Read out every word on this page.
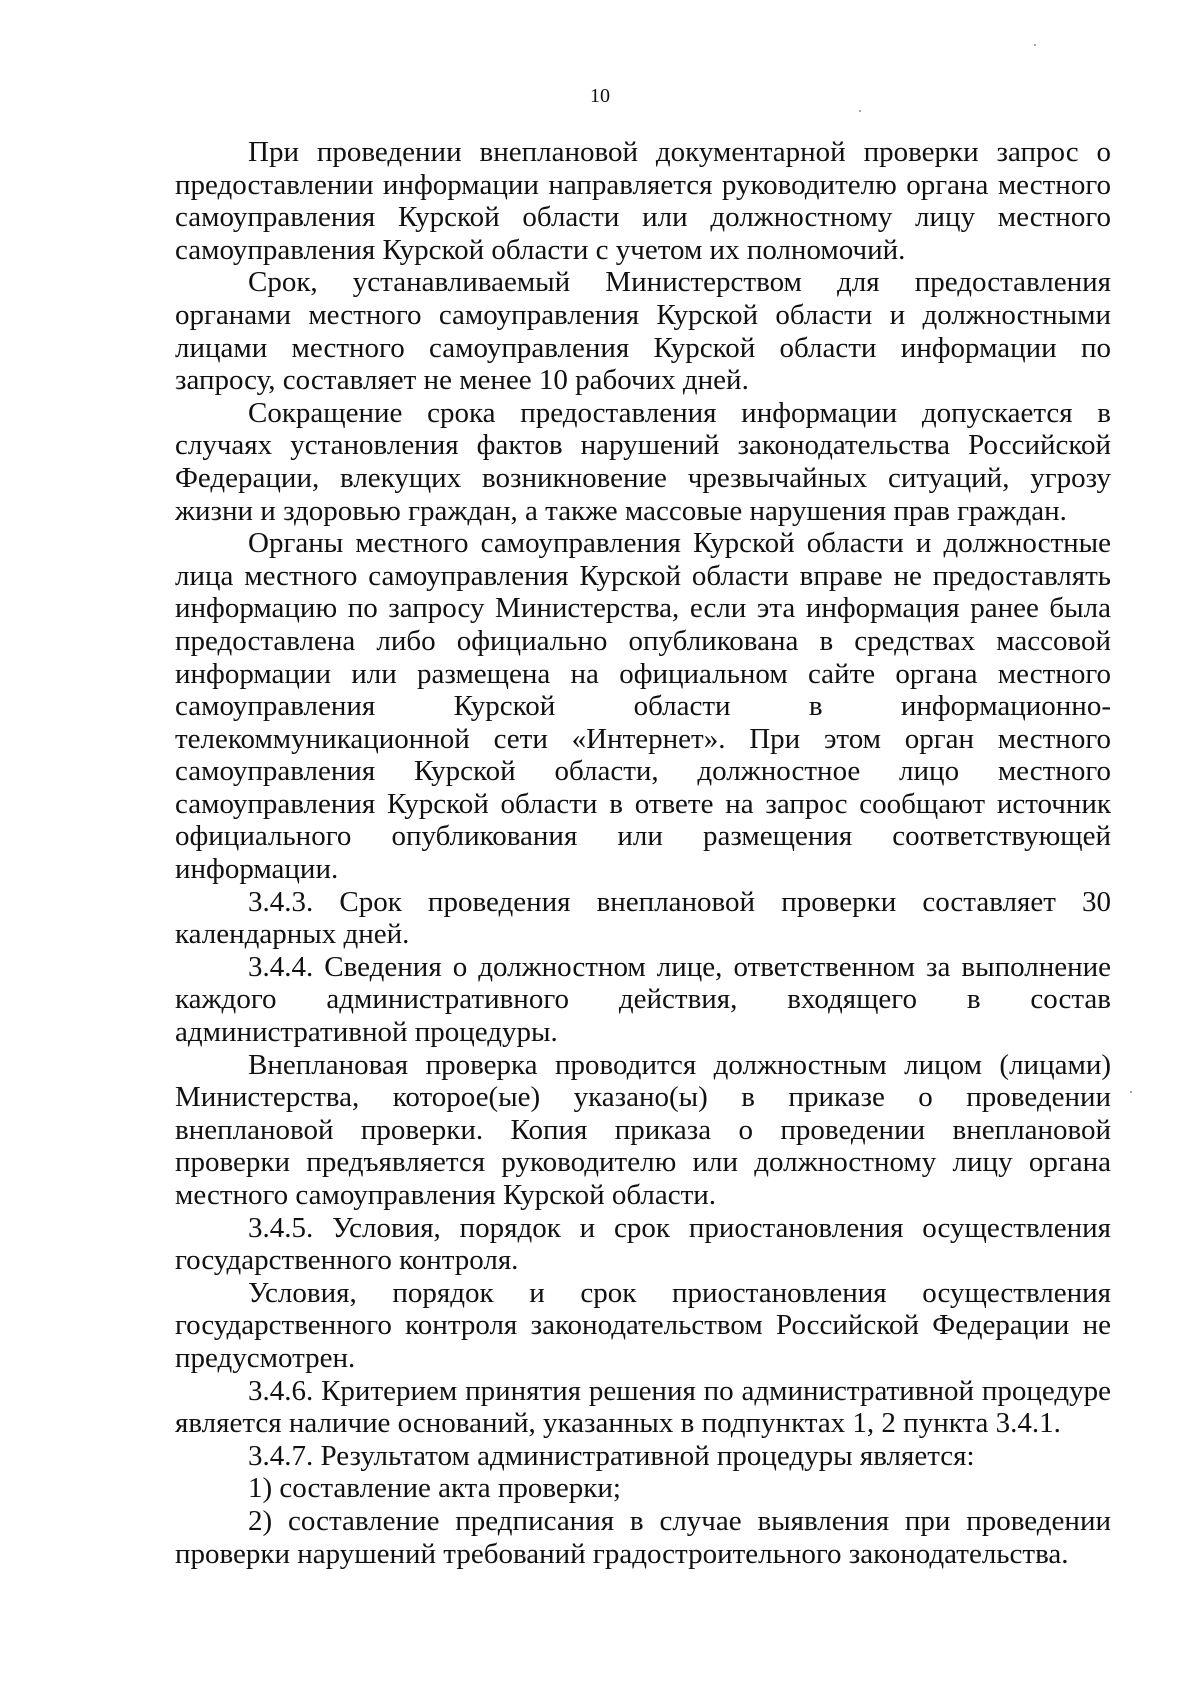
10

При проведении внеплановой документарной проверки запрос о предоставлении информации направляется руководителю органа местного самоуправления Курской области или должностному лицу местного самоуправления Курской области с учетом их полномочий.

Срок, устанавливаемый Министерством для предоставления органами местного самоуправления Курской области и должностными лицами местного самоуправления Курской области информации по запросу, составляет не менее 10 рабочих дней.

Сокращение срока предоставления информации допускается в случаях установления фактов нарушений законодательства Российской Федерации, влекущих возникновение чрезвычайных ситуаций, угрозу жизни и здоровью граждан, а также массовые нарушения прав граждан.

Органы местного самоуправления Курской области и должностные лица местного самоуправления Курской области вправе не предоставлять информацию по запросу Министерства, если эта информация ранее была предоставлена либо официально опубликована в средствах массовой информации или размещена на официальном сайте органа местного самоуправления Курской области в информационно-телекоммуникационной сети «Интернет». При этом орган местного самоуправления Курской области, должностное лицо местного самоуправления Курской области в ответе на запрос сообщают источник официального опубликования или размещения соответствующей информации.

3.4.3. Срок проведения внеплановой проверки составляет 30 календарных дней.

3.4.4. Сведения о должностном лице, ответственном за выполнение каждого административного действия, входящего в состав административной процедуры.

Внеплановая проверка проводится должностным лицом (лицами) Министерства, которое(ые) указано(ы) в приказе о проведении внеплановой проверки. Копия приказа о проведении внеплановой проверки предъявляется руководителю или должностному лицу органа местного самоуправления Курской области.

3.4.5. Условия, порядок и срок приостановления осуществления государственного контроля.

Условия, порядок и срок приостановления осуществления государственного контроля законодательством Российской Федерации не предусмотрен.

3.4.6. Критерием принятия решения по административной процедуре является наличие оснований, указанных в подпунктах 1, 2 пункта 3.4.1.

3.4.7. Результатом административной процедуры является:

1) составление акта проверки;

2) составление предписания в случае выявления при проведении проверки нарушений требований градостроительного законодательства.
